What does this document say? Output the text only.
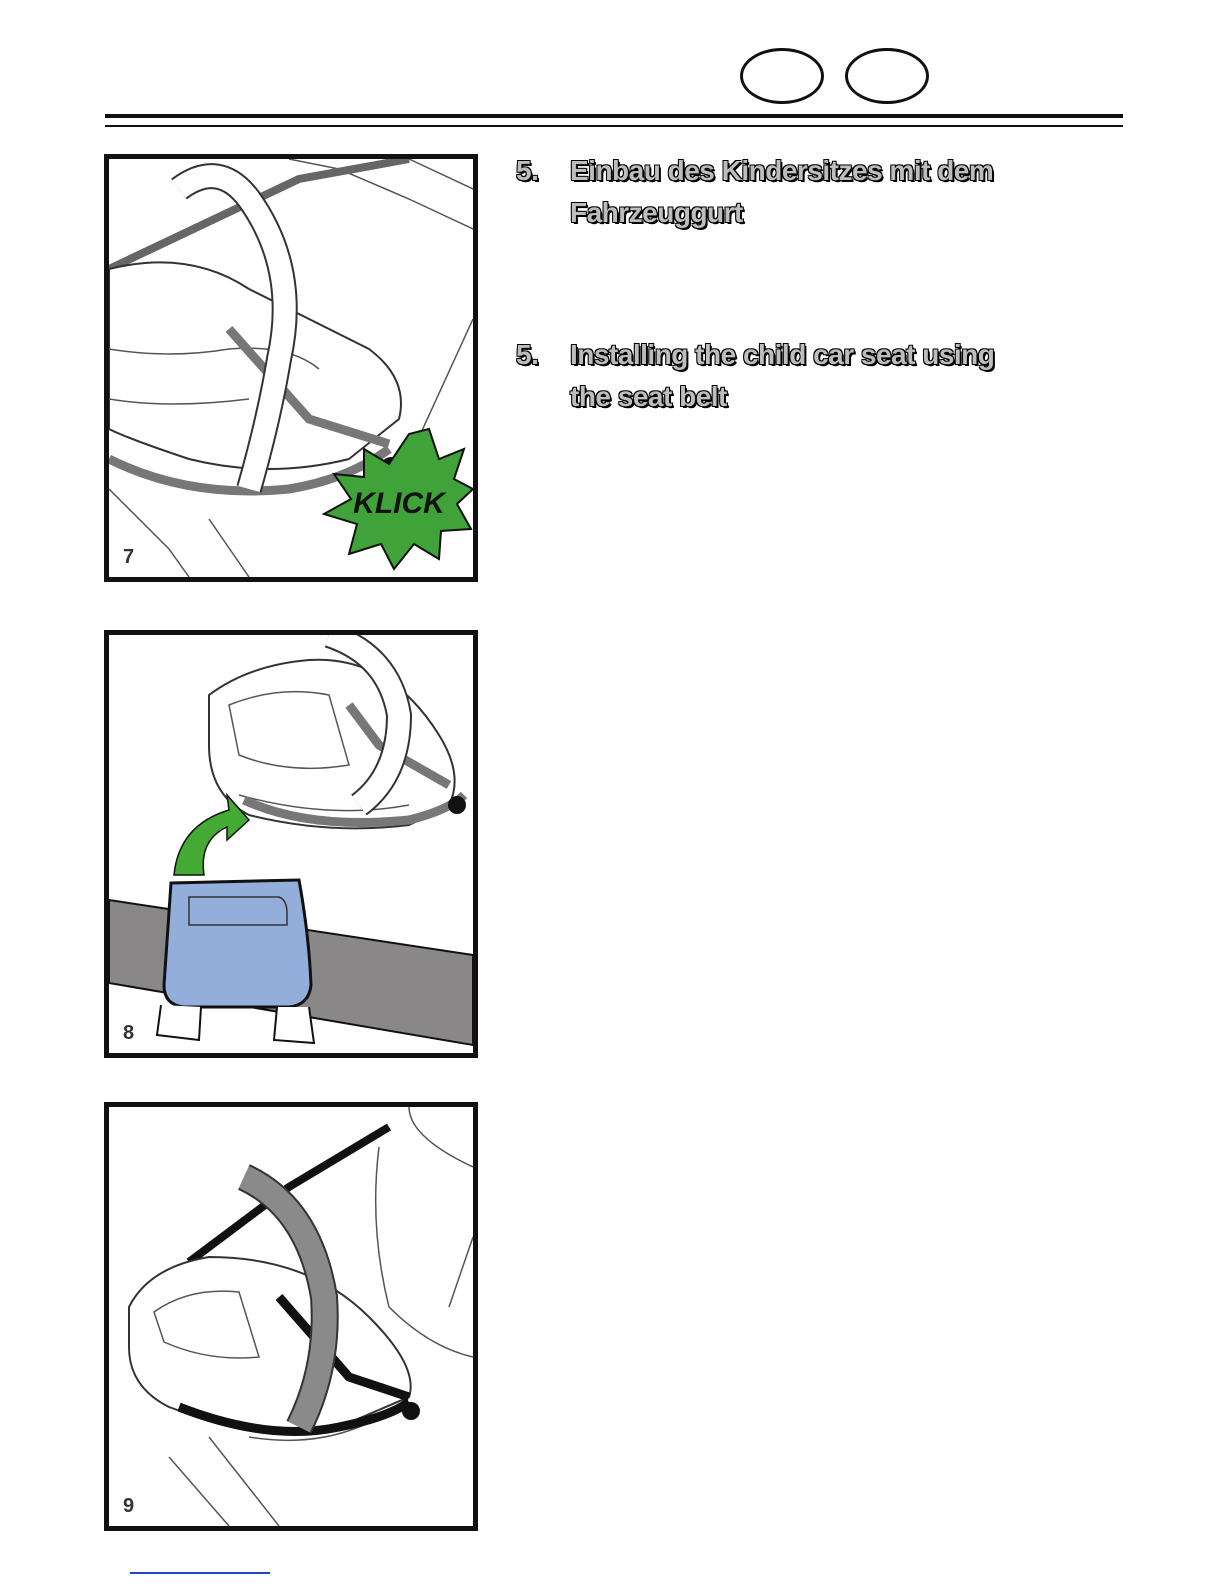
KLICK
7
8
9
5. Einbau des Kindersitzes mit dem
Fahrzeuggurt
5. Installing the child car seat using
the seat belt
